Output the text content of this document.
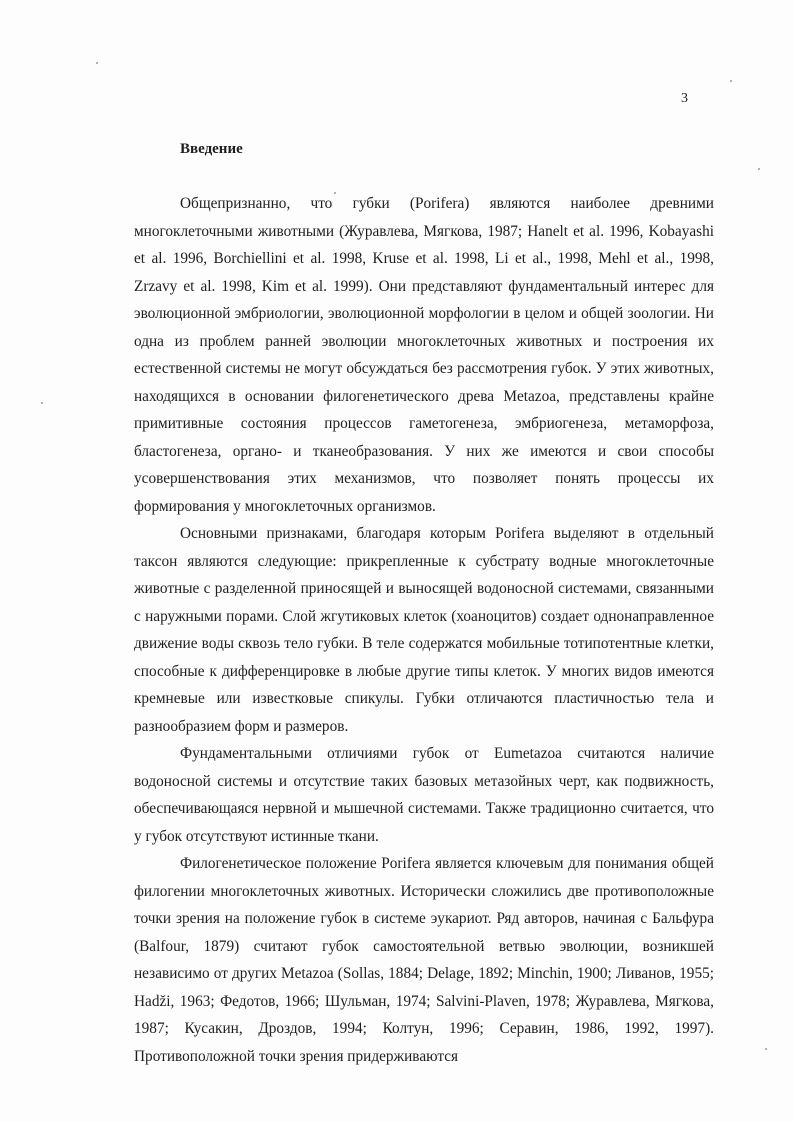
3
Введение

Общепризнанно, что губки (Porifera) являются наиболее древними многоклеточными животными (Журавлева, Мягкова, 1987; Hanelt et al. 1996, Kobayashi et al. 1996, Borchiellini et al. 1998, Kruse et al. 1998, Li et al., 1998, Mehl et al., 1998, Zrzavy et al. 1998, Kim et al. 1999). Они представляют фундаментальный интерес для эволюционной эмбриологии, эволюционной морфологии в целом и общей зоологии. Ни одна из проблем ранней эволюции многоклеточных животных и построения их естественной системы не могут обсуждаться без рассмотрения губок. У этих животных, находящихся в основании филогенетического древа Metazoa, представлены крайне примитивные состояния процессов гаметогенеза, эмбриогенеза, метаморфоза, бластогенеза, органо- и тканеобразования. У них же имеются и свои способы усовершенствования этих механизмов, что позволяет понять процессы их формирования у многоклеточных организмов.

Основными признаками, благодаря которым Porifera выделяют в отдельный таксон являются следующие: прикрепленные к субстрату водные многоклеточные животные с разделенной приносящей и выносящей водоносной системами, связанными с наружными порами. Слой жгутиковых клеток (хоаноцитов) создает однонаправленное движение воды сквозь тело губки. В теле содержатся мобильные тотипотентные клетки, способные к дифференцировке в любые другие типы клеток. У многих видов имеются кремневые или известковые спикулы. Губки отличаются пластичностью тела и разнообразием форм и размеров.

Фундаментальными отличиями губок от Eumetazoa считаются наличие водоносной системы и отсутствие таких базовых метазойных черт, как подвижность, обеспечивающаяся нервной и мышечной системами. Также традиционно считается, что у губок отсутствуют истинные ткани.

Филогенетическое положение Porifera является ключевым для понимания общей филогении многоклеточных животных. Исторически сложились две противоположные точки зрения на положение губок в системе эукариот. Ряд авторов, начиная с Бальфура (Balfour, 1879) считают губок самостоятельной ветвью эволюции, возникшей независимо от других Metazoa (Sollas, 1884; Delage, 1892; Minchin, 1900; Ливанов, 1955; Hadži, 1963; Федотов, 1966; Шульман, 1974; Salvini-Plaven, 1978; Журавлева, Мягкова, 1987; Кусакин, Дроздов, 1994; Колтун, 1996; Серавин, 1986, 1992, 1997). Противоположной точки зрения придерживаются
